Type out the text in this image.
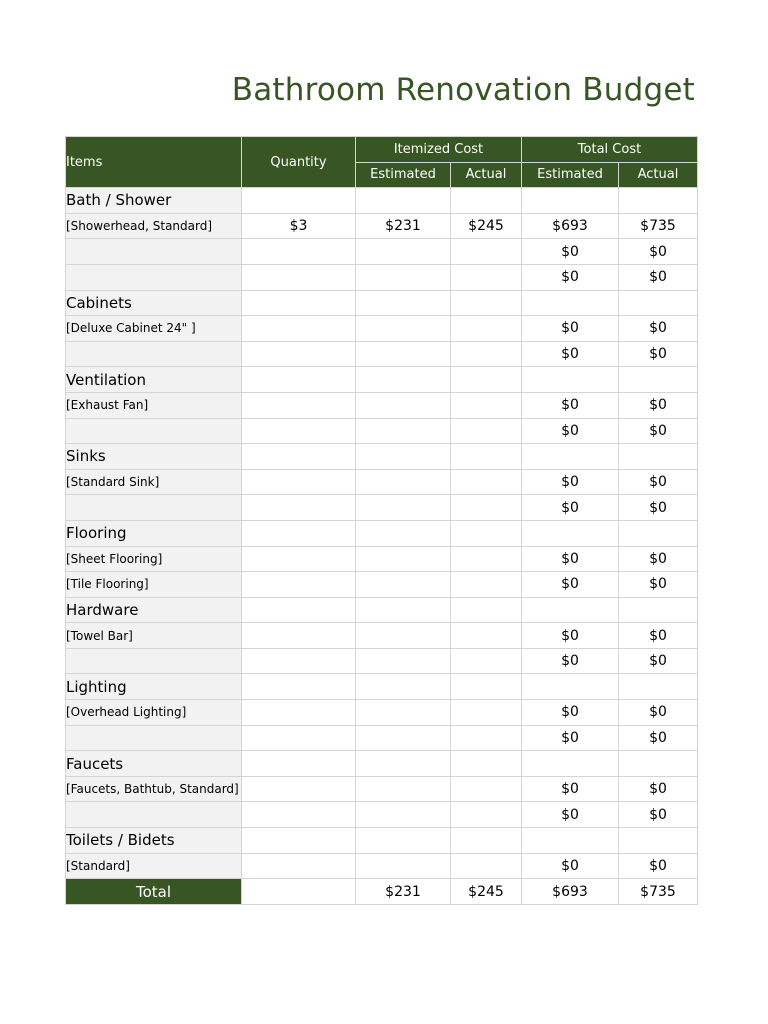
Bathroom Renovation Budget
Items	Quantity	Itemized Cost		Total Cost	
		Estimated	Actual	Estimated	Actual
Bath / Shower					
[Showerhead, Standard]	$3	$231	$245	$693	$735
				$0	$0
				$0	$0
Cabinets					
[Deluxe Cabinet 24" ]				$0	$0
				$0	$0
Ventilation					
[Exhaust Fan]				$0	$0
				$0	$0
Sinks					
[Standard Sink]				$0	$0
				$0	$0
Flooring					
[Sheet Flooring]				$0	$0
[Tile Flooring]				$0	$0
Hardware					
[Towel Bar]				$0	$0
				$0	$0
Lighting					
[Overhead Lighting]				$0	$0
				$0	$0
Faucets					
[Faucets, Bathtub, Standard]				$0	$0
				$0	$0
Toilets / Bidets					
[Standard]				$0	$0
Total		$231	$245	$693	$735
